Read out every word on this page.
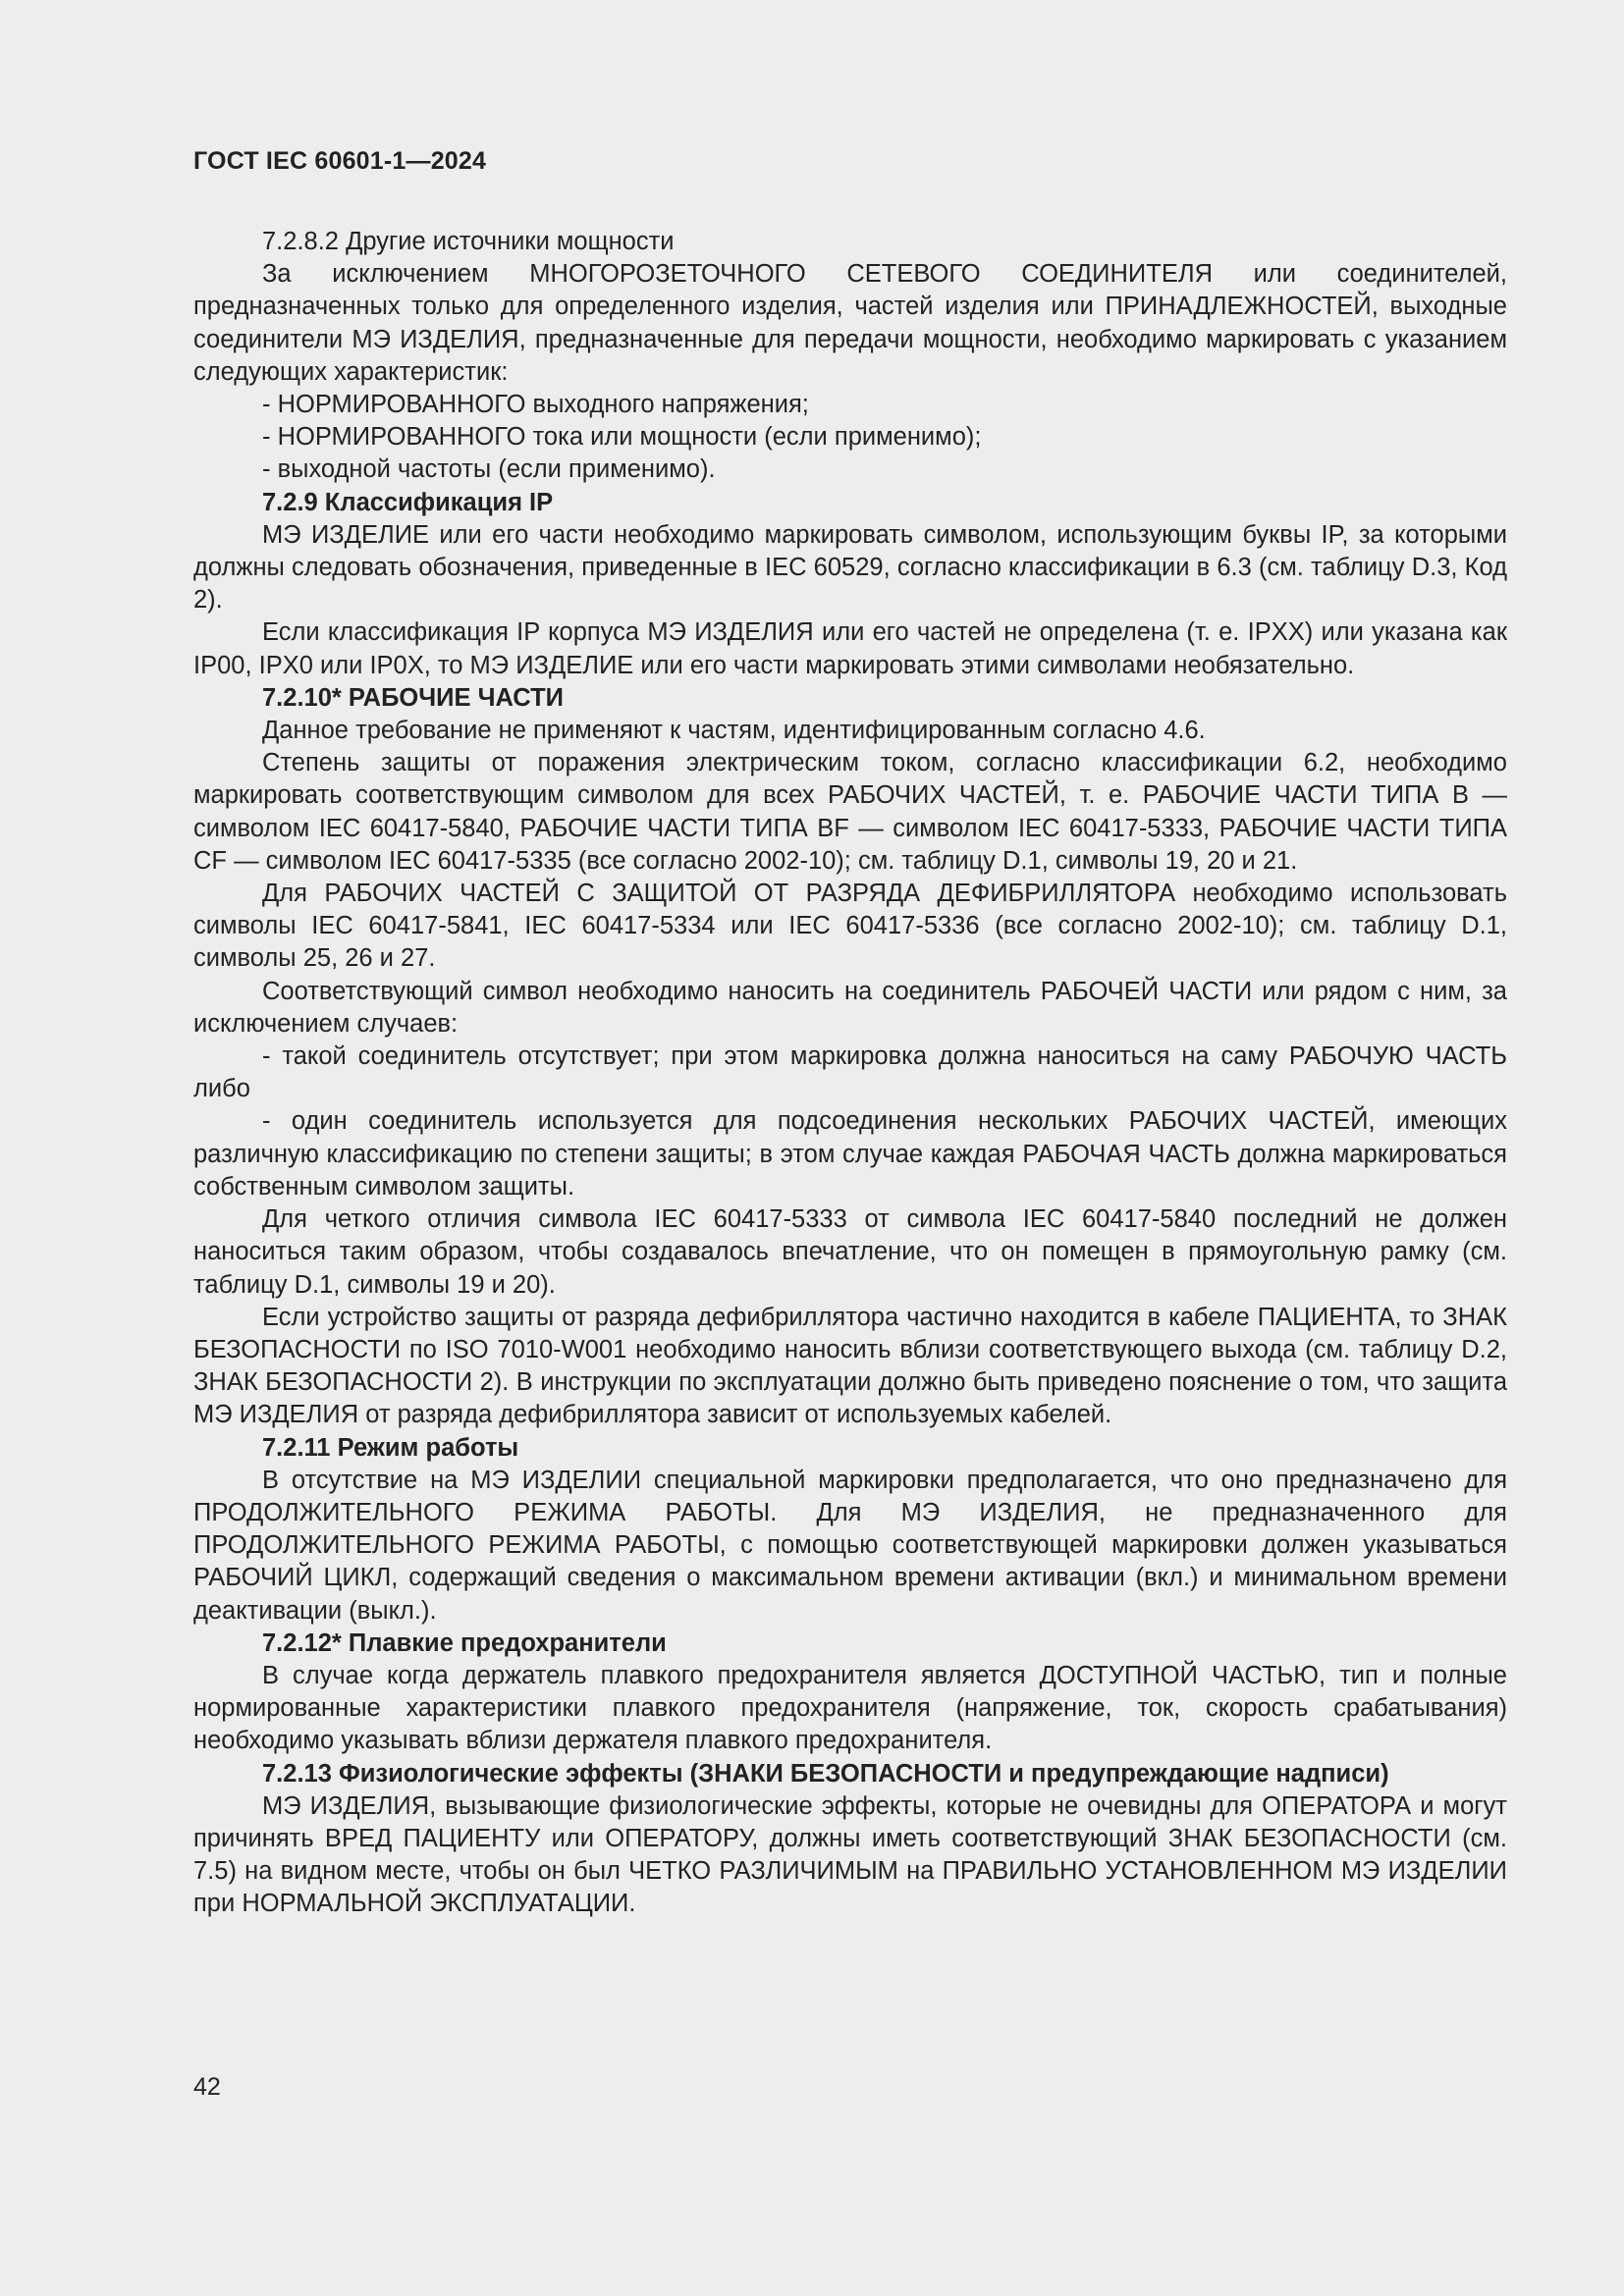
ГОСТ IEC 60601-1—2024

7.2.8.2 Другие источники мощности

За исключением МНОГОРОЗЕТОЧНОГО СЕТЕВОГО СОЕДИНИТЕЛЯ или соединителей, предназначенных только для определенного изделия, частей изделия или ПРИНАДЛЕЖНОСТЕЙ, выходные соединители МЭ ИЗДЕЛИЯ, предназначенные для передачи мощности, необходимо маркировать с указанием следующих характеристик:

- НОРМИРОВАННОГО выходного напряжения;

- НОРМИРОВАННОГО тока или мощности (если применимо);

- выходной частоты (если применимо).

7.2.9 Классификация IP

МЭ ИЗДЕЛИЕ или его части необходимо маркировать символом, использующим буквы IP, за которыми должны следовать обозначения, приведенные в IEC 60529, согласно классификации в 6.3 (см. таблицу D.3, Код 2).

Если классификация IP корпуса МЭ ИЗДЕЛИЯ или его частей не определена (т. е. IPXX) или указана как IP00, IPX0 или IP0X, то МЭ ИЗДЕЛИЕ или его части маркировать этими символами необязательно.

7.2.10* РАБОЧИЕ ЧАСТИ

Данное требование не применяют к частям, идентифицированным согласно 4.6.

Степень защиты от поражения электрическим током, согласно классификации 6.2, необходимо маркировать соответствующим символом для всех РАБОЧИХ ЧАСТЕЙ, т. е. РАБОЧИЕ ЧАСТИ ТИПА B — символом IEC 60417-5840, РАБОЧИЕ ЧАСТИ ТИПА BF — символом IEC 60417-5333, РАБОЧИЕ ЧАСТИ ТИПА CF — символом IEC 60417-5335 (все согласно 2002-10); см. таблицу D.1, символы 19, 20 и 21.

Для РАБОЧИХ ЧАСТЕЙ С ЗАЩИТОЙ ОТ РАЗРЯДА ДЕФИБРИЛЛЯТОРА необходимо использовать символы IEC 60417-5841, IEC 60417-5334 или IEC 60417-5336 (все согласно 2002-10); см. таблицу D.1, символы 25, 26 и 27.

Соответствующий символ необходимо наносить на соединитель РАБОЧЕЙ ЧАСТИ или рядом с ним, за исключением случаев:

- такой соединитель отсутствует; при этом маркировка должна наноситься на саму РАБОЧУЮ ЧАСТЬ либо

- один соединитель используется для подсоединения нескольких РАБОЧИХ ЧАСТЕЙ, имеющих различную классификацию по степени защиты; в этом случае каждая РАБОЧАЯ ЧАСТЬ должна маркироваться собственным символом защиты.

Для четкого отличия символа IEC 60417-5333 от символа IEC 60417-5840 последний не должен наноситься таким образом, чтобы создавалось впечатление, что он помещен в прямоугольную рамку (см. таблицу D.1, символы 19 и 20).

Если устройство защиты от разряда дефибриллятора частично находится в кабеле ПАЦИЕНТА, то ЗНАК БЕЗОПАСНОСТИ по ISO 7010-W001 необходимо наносить вблизи соответствующего выхода (см. таблицу D.2, ЗНАК БЕЗОПАСНОСТИ 2). В инструкции по эксплуатации должно быть приведено пояснение о том, что защита МЭ ИЗДЕЛИЯ от разряда дефибриллятора зависит от используемых кабелей.

7.2.11 Режим работы

В отсутствие на МЭ ИЗДЕЛИИ специальной маркировки предполагается, что оно предназначено для ПРОДОЛЖИТЕЛЬНОГО РЕЖИМА РАБОТЫ. Для МЭ ИЗДЕЛИЯ, не предназначенного для ПРОДОЛЖИТЕЛЬНОГО РЕЖИМА РАБОТЫ, с помощью соответствующей маркировки должен указываться РАБОЧИЙ ЦИКЛ, содержащий сведения о максимальном времени активации (вкл.) и минимальном времени деактивации (выкл.).

7.2.12* Плавкие предохранители

В случае когда держатель плавкого предохранителя является ДОСТУПНОЙ ЧАСТЬЮ, тип и полные нормированные характеристики плавкого предохранителя (напряжение, ток, скорость срабатывания) необходимо указывать вблизи держателя плавкого предохранителя.

7.2.13 Физиологические эффекты (ЗНАКИ БЕЗОПАСНОСТИ и предупреждающие надписи)

МЭ ИЗДЕЛИЯ, вызывающие физиологические эффекты, которые не очевидны для ОПЕРАТОРА и могут причинять ВРЕД ПАЦИЕНТУ или ОПЕРАТОРУ, должны иметь соответствующий ЗНАК БЕЗОПАСНОСТИ (см. 7.5) на видном месте, чтобы он был ЧЕТКО РАЗЛИЧИМЫМ на ПРАВИЛЬНО УСТАНОВЛЕННОМ МЭ ИЗДЕЛИИ при НОРМАЛЬНОЙ ЭКСПЛУАТАЦИИ.

42
